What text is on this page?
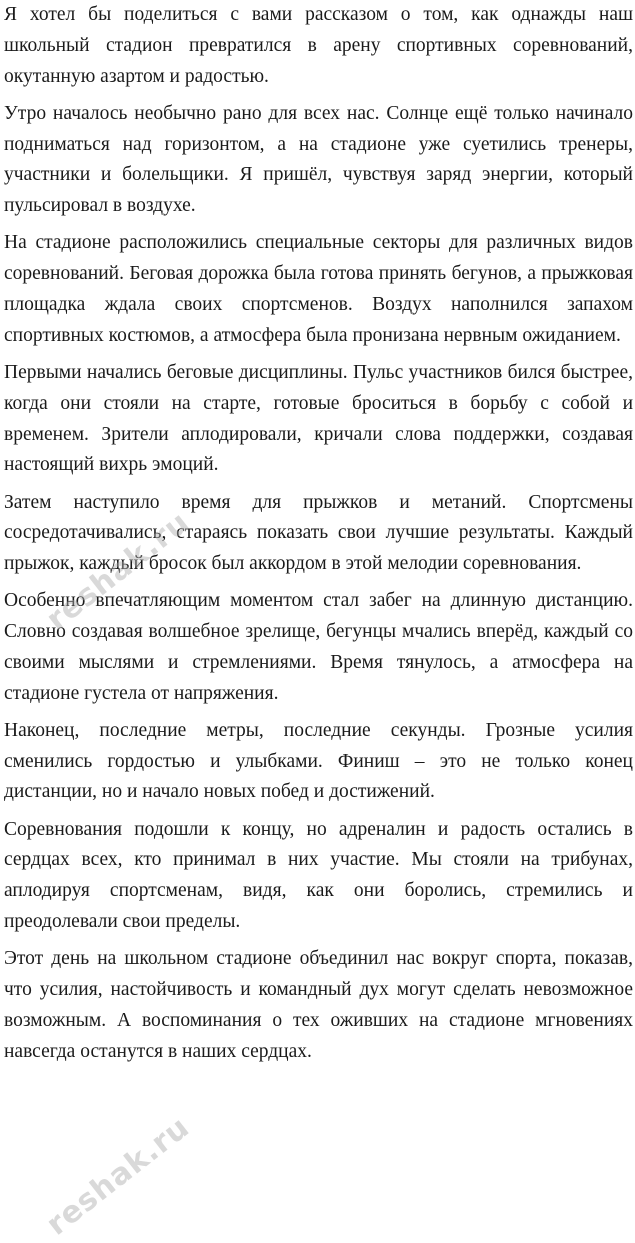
Я хотел бы поделиться с вами рассказом о том, как однажды наш школьный стадион превратился в арену спортивных соревнований, окутанную азартом и радостью.

Утро началось необычно рано для всех нас. Солнце ещё только начинало подниматься над горизонтом, а на стадионе уже суетились тренеры, участники и болельщики. Я пришёл, чувствуя заряд энергии, который пульсировал в воздухе.

На стадионе расположились специальные секторы для различных видов соревнований. Беговая дорожка была готова принять бегунов, а прыжковая площадка ждала своих спортсменов. Воздух наполнился запахом спортивных костюмов, а атмосфера была пронизана нервным ожиданием.

Первыми начались беговые дисциплины. Пульс участников бился быстрее, когда они стояли на старте, готовые броситься в борьбу с собой и временем. Зрители аплодировали, кричали слова поддержки, создавая настоящий вихрь эмоций.

Затем наступило время для прыжков и метаний. Спортсмены сосредотачивались, стараясь показать свои лучшие результаты. Каждый прыжок, каждый бросок был аккордом в этой мелодии соревнования.

Особенно впечатляющим моментом стал забег на длинную дистанцию. Словно создавая волшебное зрелище, бегунцы мчались вперёд, каждый со своими мыслями и стремлениями. Время тянулось, а атмосфера на стадионе густела от напряжения.

Наконец, последние метры, последние секунды. Грозные усилия сменились гордостью и улыбками. Финиш – это не только конец дистанции, но и начало новых побед и достижений.

Соревнования подошли к концу, но адреналин и радость остались в сердцах всех, кто принимал в них участие. Мы стояли на трибунах, аплодируя спортсменам, видя, как они боролись, стремились и преодолевали свои пределы.

Этот день на школьном стадионе объединил нас вокруг спорта, показав, что усилия, настойчивость и командный дух могут сделать невозможное возможным. А воспоминания о тех оживших на стадионе мгновениях навсегда останутся в наших сердцах.

reshak.ru
reshak.ru
